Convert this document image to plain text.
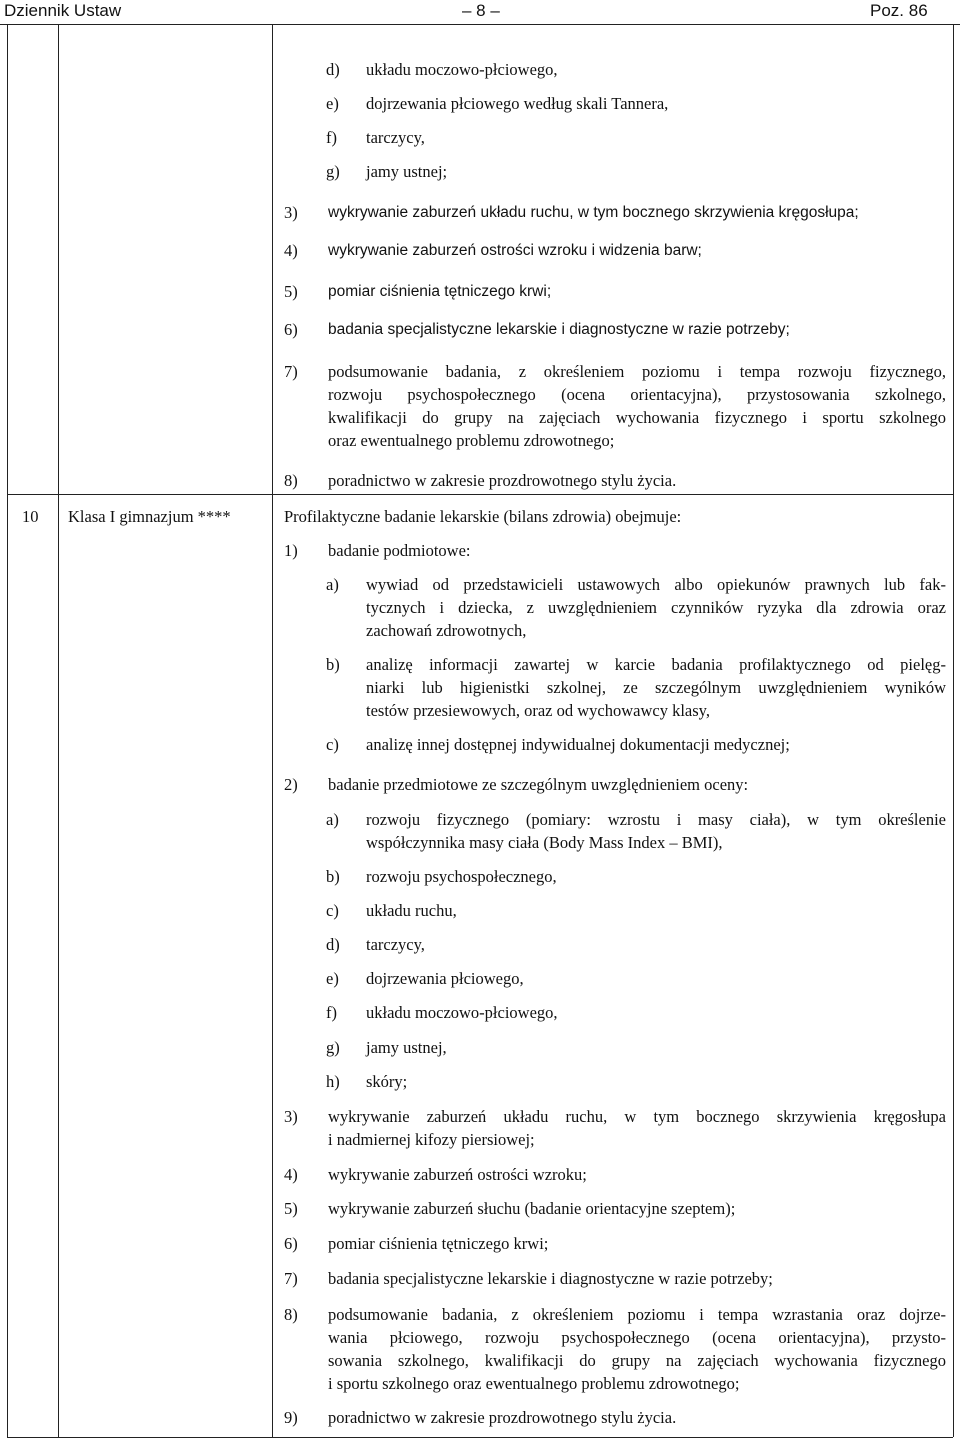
Dziennik Ustaw	– 8 –	Poz. 86
d) układu moczowo-płciowego,
e) dojrzewania płciowego według skali Tannera,
f) tarczycy,
g) jamy ustnej;
3) wykrywanie zaburzeń układu ruchu, w tym bocznego skrzywienia kręgosłupa;
4) wykrywanie zaburzeń ostrości wzroku i widzenia barw;
5) pomiar ciśnienia tętniczego krwi;
6) badania specjalistyczne lekarskie i diagnostyczne w razie potrzeby;
7) podsumowanie badania, z określeniem poziomu i tempa rozwoju fizycznego,
rozwoju psychospołecznego (ocena orientacyjna), przystosowania szkolnego,
kwalifikacji do grupy na zajęciach wychowania fizycznego i sportu szkolnego
oraz ewentualnego problemu zdrowotnego;
8) poradnictwo w zakresie prozdrowotnego stylu życia.
10 Klasa I gimnazjum ****	Profilaktyczne badanie lekarskie (bilans zdrowia) obejmuje:
1) badanie podmiotowe:
a) wywiad od przedstawicieli ustawowych albo opiekunów prawnych lub fak-
tycznych i dziecka, z uwzględnieniem czynników ryzyka dla zdrowia oraz
zachowań zdrowotnych,
b) analizę informacji zawartej w karcie badania profilaktycznego od pielęg-
niarki lub higienistki szkolnej, ze szczególnym uwzględnieniem wyników
testów przesiewowych, oraz od wychowawcy klasy,
c) analizę innej dostępnej indywidualnej dokumentacji medycznej;
2) badanie przedmiotowe ze szczególnym uwzględnieniem oceny:
a) rozwoju fizycznego (pomiary: wzrostu i masy ciała), w tym określenie
współczynnika masy ciała (Body Mass Index – BMI),
b) rozwoju psychospołecznego,
c) układu ruchu,
d) tarczycy,
e) dojrzewania płciowego,
f) układu moczowo-płciowego,
g) jamy ustnej,
h) skóry;
3) wykrywanie zaburzeń układu ruchu, w tym bocznego skrzywienia kręgosłupa
i nadmiernej kifozy piersiowej;
4) wykrywanie zaburzeń ostrości wzroku;
5) wykrywanie zaburzeń słuchu (badanie orientacyjne szeptem);
6) pomiar ciśnienia tętniczego krwi;
7) badania specjalistyczne lekarskie i diagnostyczne w razie potrzeby;
8) podsumowanie badania, z określeniem poziomu i tempa wzrastania oraz dojrze-
wania płciowego, rozwoju psychospołecznego (ocena orientacyjna), przysto-
sowania szkolnego, kwalifikacji do grupy na zajęciach wychowania fizycznego
i sportu szkolnego oraz ewentualnego problemu zdrowotnego;
9) poradnictwo w zakresie prozdrowotnego stylu życia.
